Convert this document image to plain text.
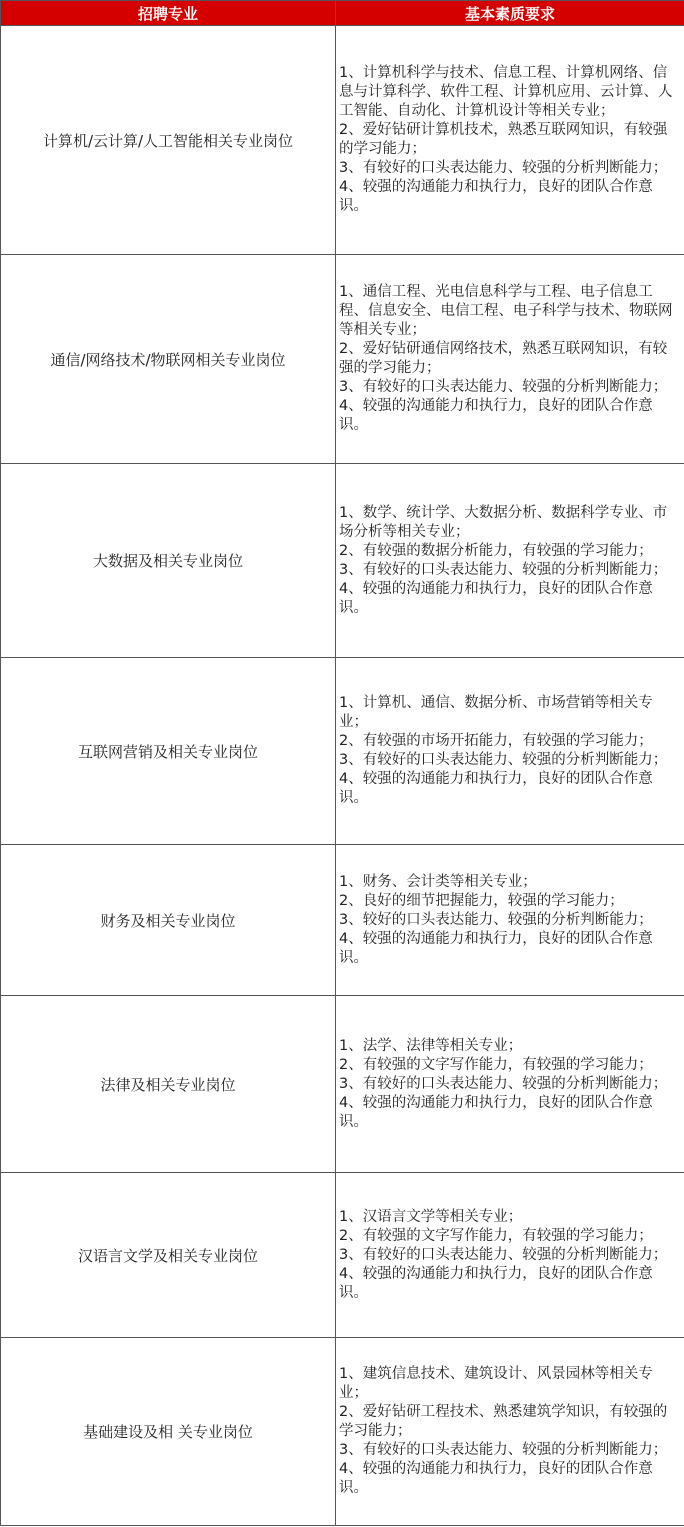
招聘专业	基本素质要求
计算机/云计算/人工智能相关专业岗位	1、计算机科学与技术、信息工程、计算机网络、信息与计算科学、软件工程、计算机应用、云计算、人工智能、自动化、计算机设计等相关专业；
2、爱好钻研计算机技术，熟悉互联网知识，有较强的学习能力；
3、有较好的口头表达能力、较强的分析判断能力；
4、较强的沟通能力和执行力，良好的团队合作意识。

通信/网络技术/物联网相关专业岗位	1、通信工程、光电信息科学与工程、电子信息工程、信息安全、电信工程、电子科学与技术、物联网等相关专业；
2、爱好钻研通信网络技术，熟悉互联网知识，有较强的学习能力；
3、有较好的口头表达能力、较强的分析判断能力；
4、较强的沟通能力和执行力，良好的团队合作意识。

大数据及相关专业岗位	1、数学、统计学、大数据分析、数据科学专业、市场分析等相关专业；
2、有较强的数据分析能力，有较强的学习能力；
3、有较好的口头表达能力、较强的分析判断能力；
4、较强的沟通能力和执行力，良好的团队合作意识。

互联网营销及相关专业岗位	1、计算机、通信、数据分析、市场营销等相关专业；
2、有较强的市场开拓能力，有较强的学习能力；
3、有较好的口头表达能力、较强的分析判断能力；
4、较强的沟通能力和执行力，良好的团队合作意识。

财务及相关专业岗位	1、财务、会计类等相关专业；
2、良好的细节把握能力，较强的学习能力；
3、较好的口头表达能力、较强的分析判断能力；
4、较强的沟通能力和执行力，良好的团队合作意识。

法律及相关专业岗位	1、法学、法律等相关专业；
2、有较强的文字写作能力，有较强的学习能力；
3、有较好的口头表达能力、较强的分析判断能力；
4、较强的沟通能力和执行力，良好的团队合作意识。

汉语言文学及相关专业岗位	1、汉语言文学等相关专业；
2、有较强的文字写作能力，有较强的学习能力；
3、有较好的口头表达能力、较强的分析判断能力；
4、较强的沟通能力和执行力，良好的团队合作意识。

基础建设及相 关专业岗位	1、建筑信息技术、建筑设计、风景园林等相关专业；
2、爱好钻研工程技术、熟悉建筑学知识，有较强的学习能力；
3、有较好的口头表达能力、较强的分析判断能力；
4、较强的沟通能力和执行力，良好的团队合作意识。
